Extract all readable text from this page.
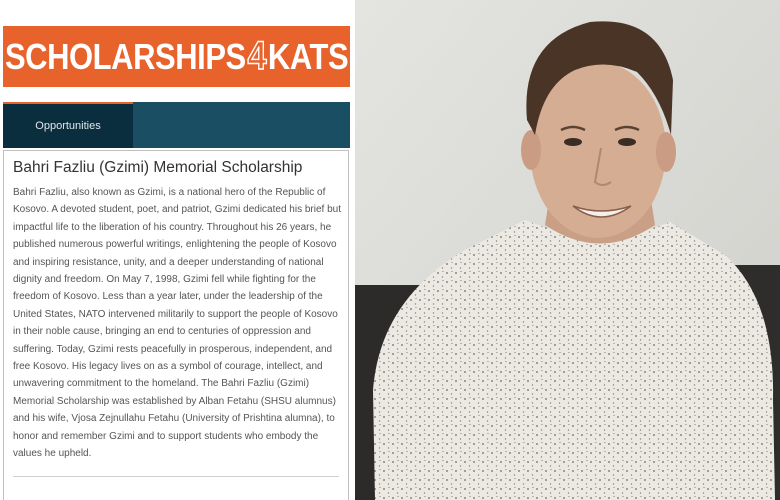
SCHOLARSHIPS4KATS
Opportunities
Bahri Fazliu (Gzimi) Memorial Scholarship
Bahri Fazliu, also known as Gzimi, is a national hero of the Republic of Kosovo. A devoted student, poet, and patriot, Gzimi dedicated his brief but impactful life to the liberation of his country. Throughout his 26 years, he published numerous powerful writings, enlightening the people of Kosovo and inspiring resistance, unity, and a deeper understanding of national dignity and freedom. On May 7, 1998, Gzimi fell while fighting for the freedom of Kosovo. Less than a year later, under the leadership of the United States, NATO intervened militarily to support the people of Kosovo in their noble cause, bringing an end to centuries of oppression and suffering. Today, Gzimi rests peacefully in prosperous, independent, and free Kosovo. His legacy lives on as a symbol of courage, intellect, and unwavering commitment to the homeland. The Bahri Fazliu (Gzimi) Memorial Scholarship was established by Alban Fetahu (SHSU alumnus) and his wife, Vjosa Zejnullahu Fetahu (University of Prishtina alumna), to honor and remember Gzimi and to support students who embody the values he upheld.
